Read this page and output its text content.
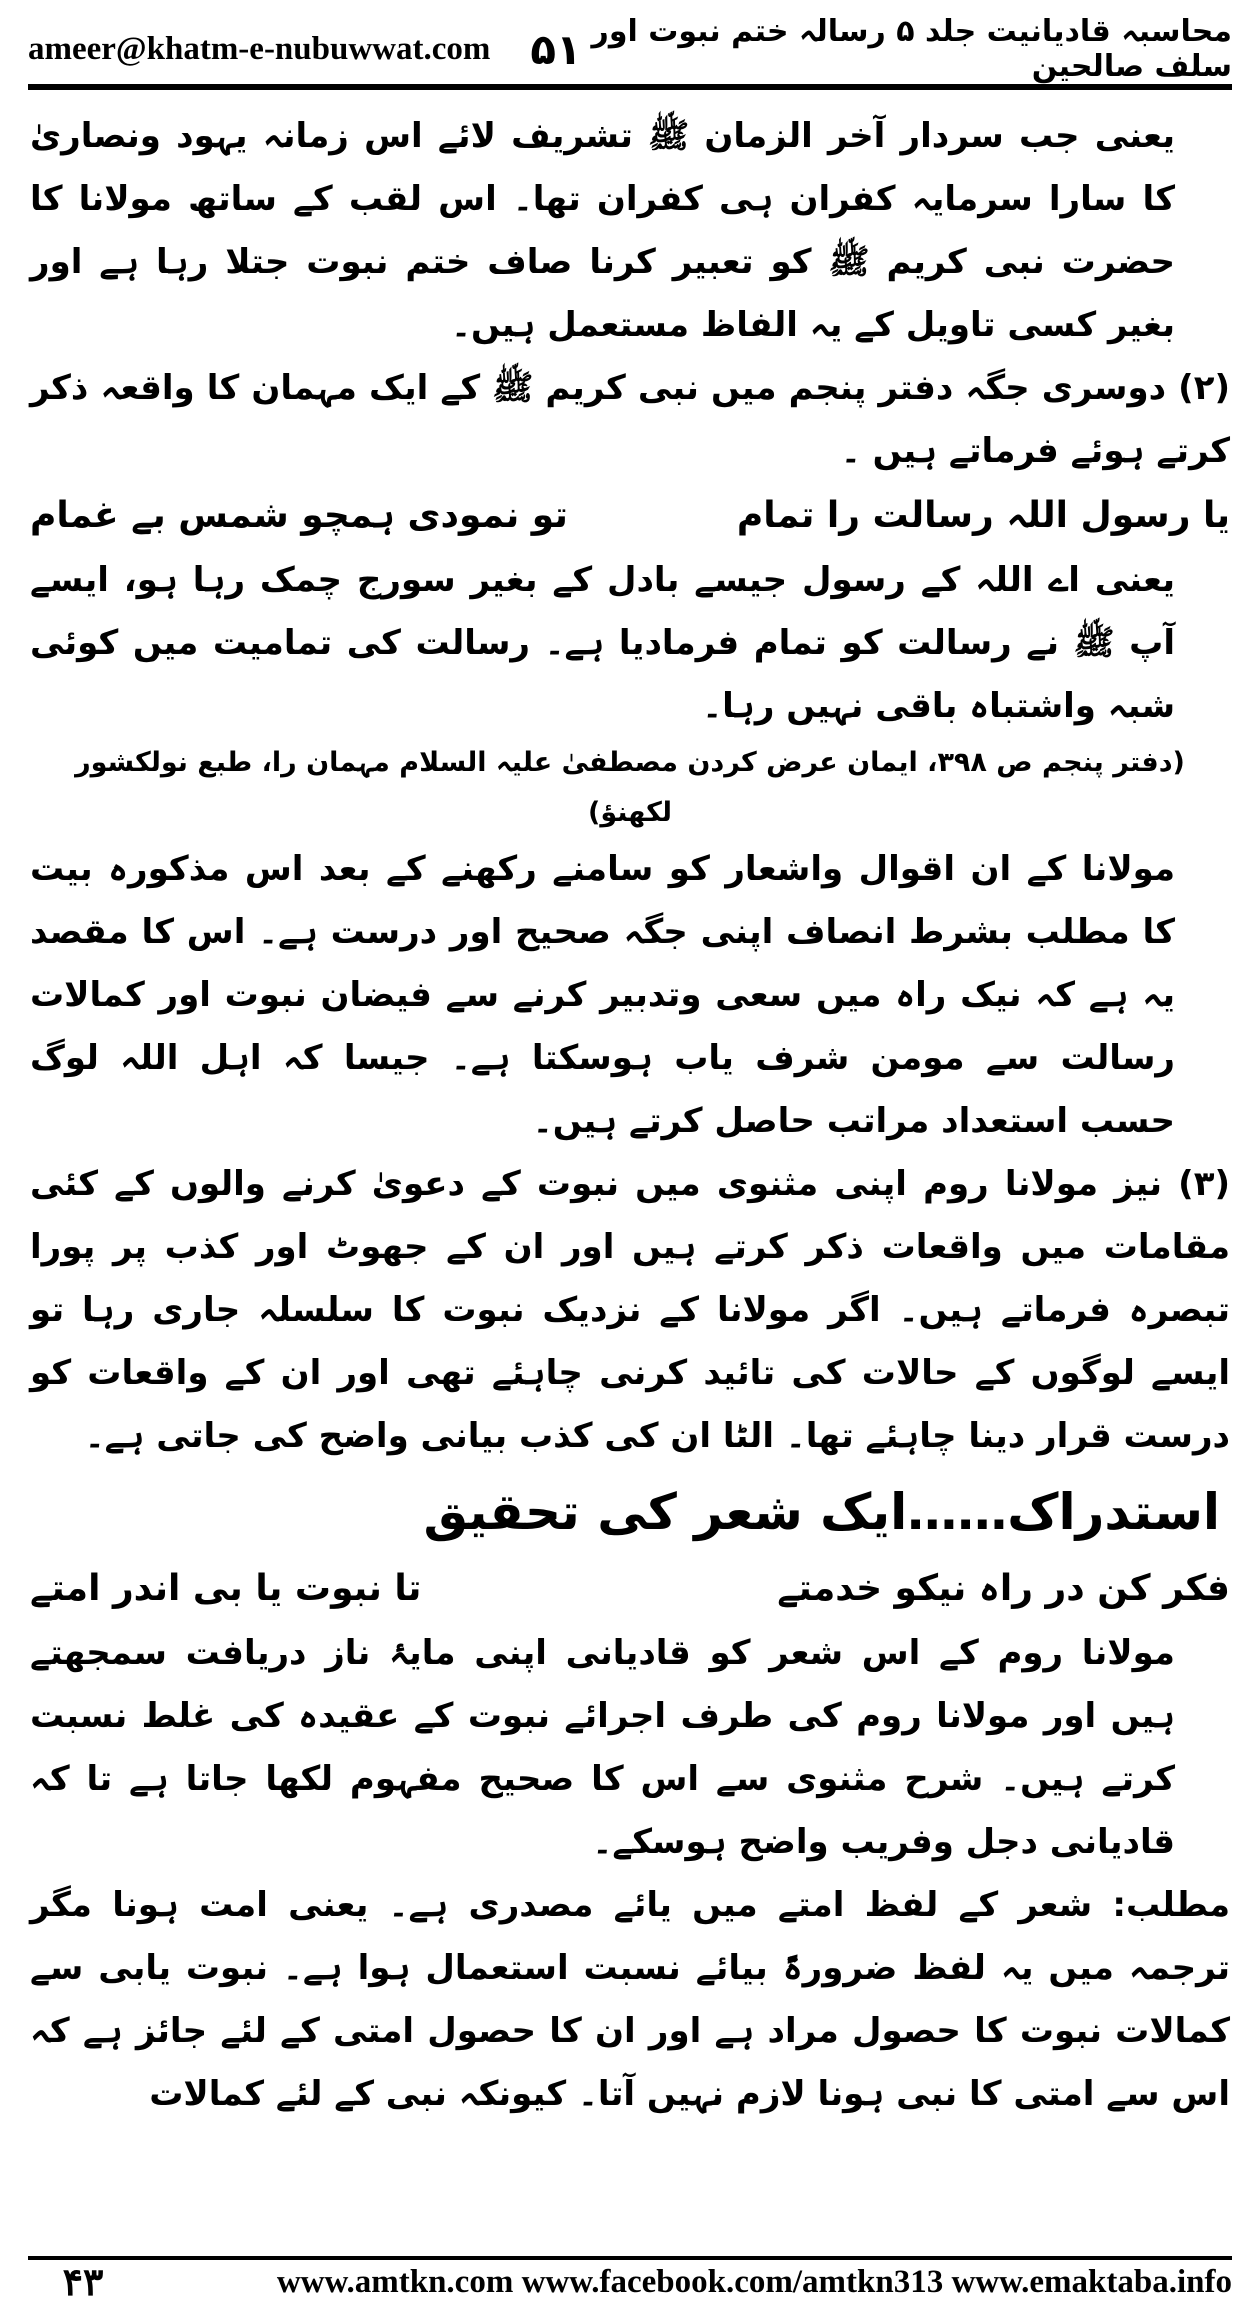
ameer@khatm-e-nubuwwat.com ۵۱ محاسبہ قادیانیت جلد ۵ رسالہ ختم نبوت اور سلف صالحین

یعنی جب سردار آخر الزمان ﷺ تشریف لائے اس زمانہ یہود ونصاریٰ کا سارا سرمایہ کفران ہی کفران تھا۔ اس لقب کے ساتھ مولانا کا حضرت نبی کریم ﷺ کو تعبیر کرنا صاف ختم نبوت جتلا رہا ہے اور بغیر کسی تاویل کے یہ الفاظ مستعمل ہیں۔

(۲) دوسری جگہ دفتر پنجم میں نبی کریم ﷺ کے ایک مہمان کا واقعہ ذکر کرتے ہوئے فرماتے ہیں ۔

یا رسول اللہ رسالت را تمام
تو نمودی ہمچو شمس بے غمام

یعنی اے اللہ کے رسول جیسے بادل کے بغیر سورج چمک رہا ہو، ایسے آپ ﷺ نے رسالت کو تمام فرمادیا ہے۔ رسالت کی تمامیت میں کوئی شبہ واشتباہ باقی نہیں رہا۔

(دفتر پنجم ص ۳۹۸، ایمان عرض کردن مصطفیٰ علیہ السلام مہمان را، طبع نولکشور لکھنؤ)

مولانا کے ان اقوال واشعار کو سامنے رکھنے کے بعد اس مذکورہ بیت کا مطلب بشرط انصاف اپنی جگہ صحیح اور درست ہے۔ اس کا مقصد یہ ہے کہ نیک راہ میں سعی وتدبیر کرنے سے فیضان نبوت اور کمالات رسالت سے مومن شرف یاب ہوسکتا ہے۔ جیسا کہ اہل اللہ لوگ حسب استعداد مراتب حاصل کرتے ہیں۔

(۳) نیز مولانا روم اپنی مثنوی میں نبوت کے دعویٰ کرنے والوں کے کئی مقامات میں واقعات ذکر کرتے ہیں اور ان کے جھوٹ اور کذب پر پورا تبصرہ فرماتے ہیں۔ اگر مولانا کے نزدیک نبوت کا سلسلہ جاری رہا تو ایسے لوگوں کے حالات کی تائید کرنی چاہئے تھی اور ان کے واقعات کو درست قرار دینا چاہئے تھا۔ الٹا ان کی کذب بیانی واضح کی جاتی ہے۔

استدراک……ایک شعر کی تحقیق

فکر کن در راہ نیکو خدمتے
تا نبوت یا بی اندر امتے

مولانا روم کے اس شعر کو قادیانی اپنی مایۂ ناز دریافت سمجھتے ہیں اور مولانا روم کی طرف اجرائے نبوت کے عقیدہ کی غلط نسبت کرتے ہیں۔ شرح مثنوی سے اس کا صحیح مفہوم لکھا جاتا ہے تا کہ قادیانی دجل وفریب واضح ہوسکے۔

مطلب: شعر کے لفظ امتے میں یائے مصدری ہے۔ یعنی امت ہونا مگر ترجمہ میں یہ لفظ ضرورۃً بیائے نسبت استعمال ہوا ہے۔ نبوت یابی سے کمالات نبوت کا حصول مراد ہے اور ان کا حصول امتی کے لئے جائز ہے کہ اس سے امتی کا نبی ہونا لازم نہیں آتا۔ کیونکہ نبی کے لئے کمالات

۴۳	www.amtkn.com www.facebook.com/amtkn313 www.emaktaba.info
